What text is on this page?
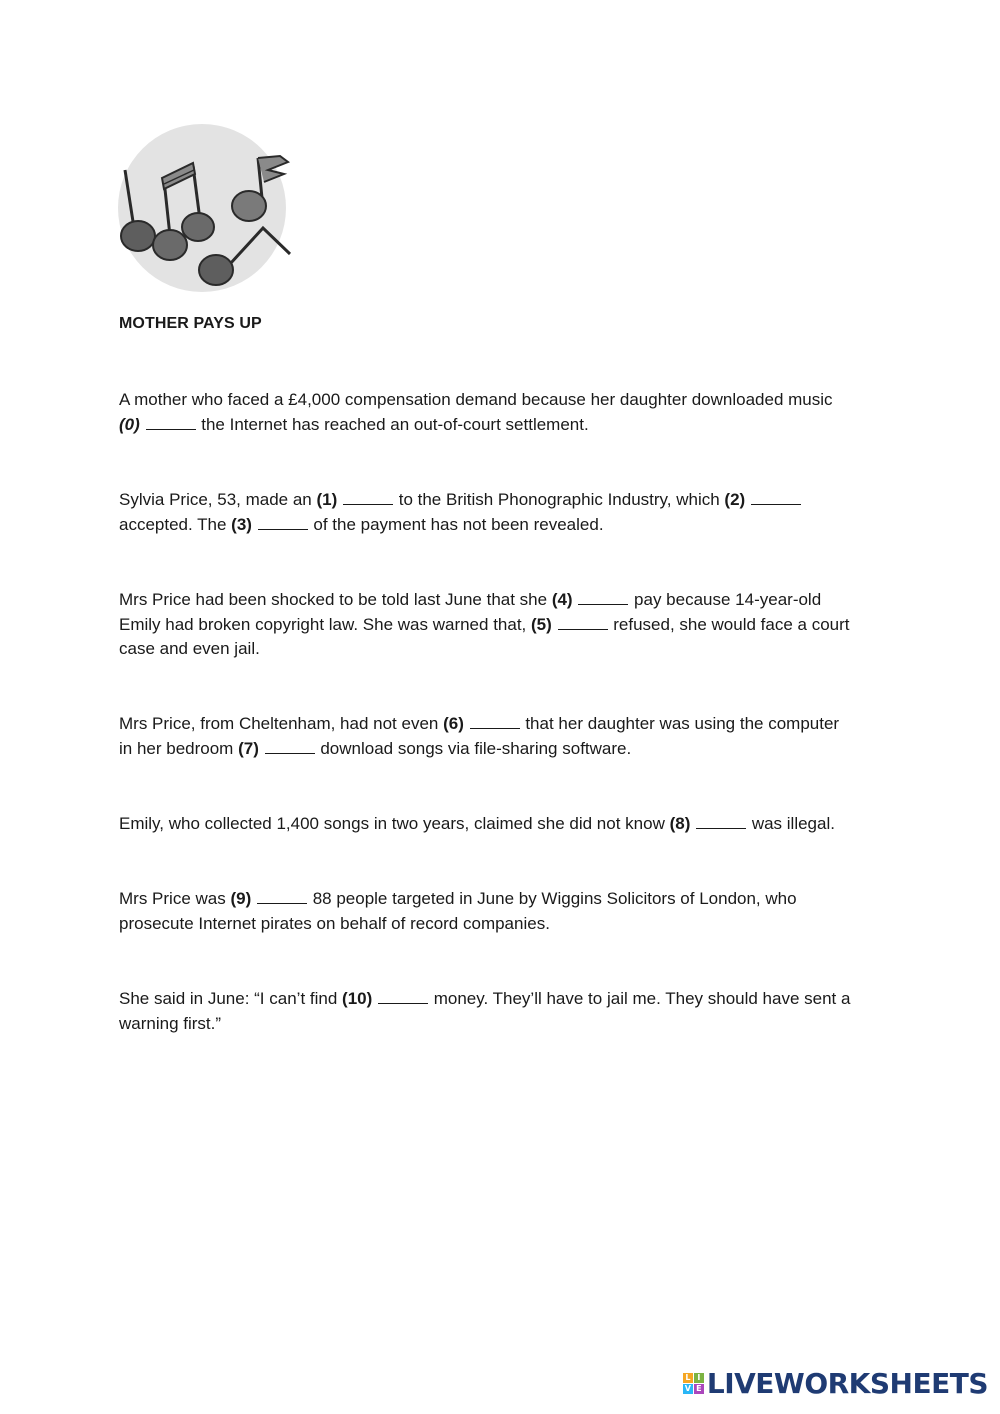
MOTHER PAYS UP
A mother who faced a £4,000 compensation demand because her daughter downloaded music
(0)	the Internet has reached an out-of-court settlement.
Sylvia Price, 53, made an (1)	to the British Phonographic Industry, which (2)
accepted. The (3)	of the payment has not been revealed.
Mrs Price had been shocked to be told last June that she (4)	pay because 14-year-old
Emily had broken copyright law. She was warned that, (5)	refused, she would face a court
case and even jail.
Mrs Price, from Cheltenham, had not even (6)	that her daughter was using the computer
in her bedroom (7)	download songs via file-sharing software.
Emily, who collected 1,400 songs in two years, claimed she did not know (8)	was illegal.
Mrs Price was (9)	88 people targeted in June by Wiggins Solicitors of London, who
prosecute Internet pirates on behalf of record companies.
She said in June: “I can’t find (10)	money. They’ll have to jail me. They should have sent a
warning first.”
L I
V E LIVEWORKSHEETS
